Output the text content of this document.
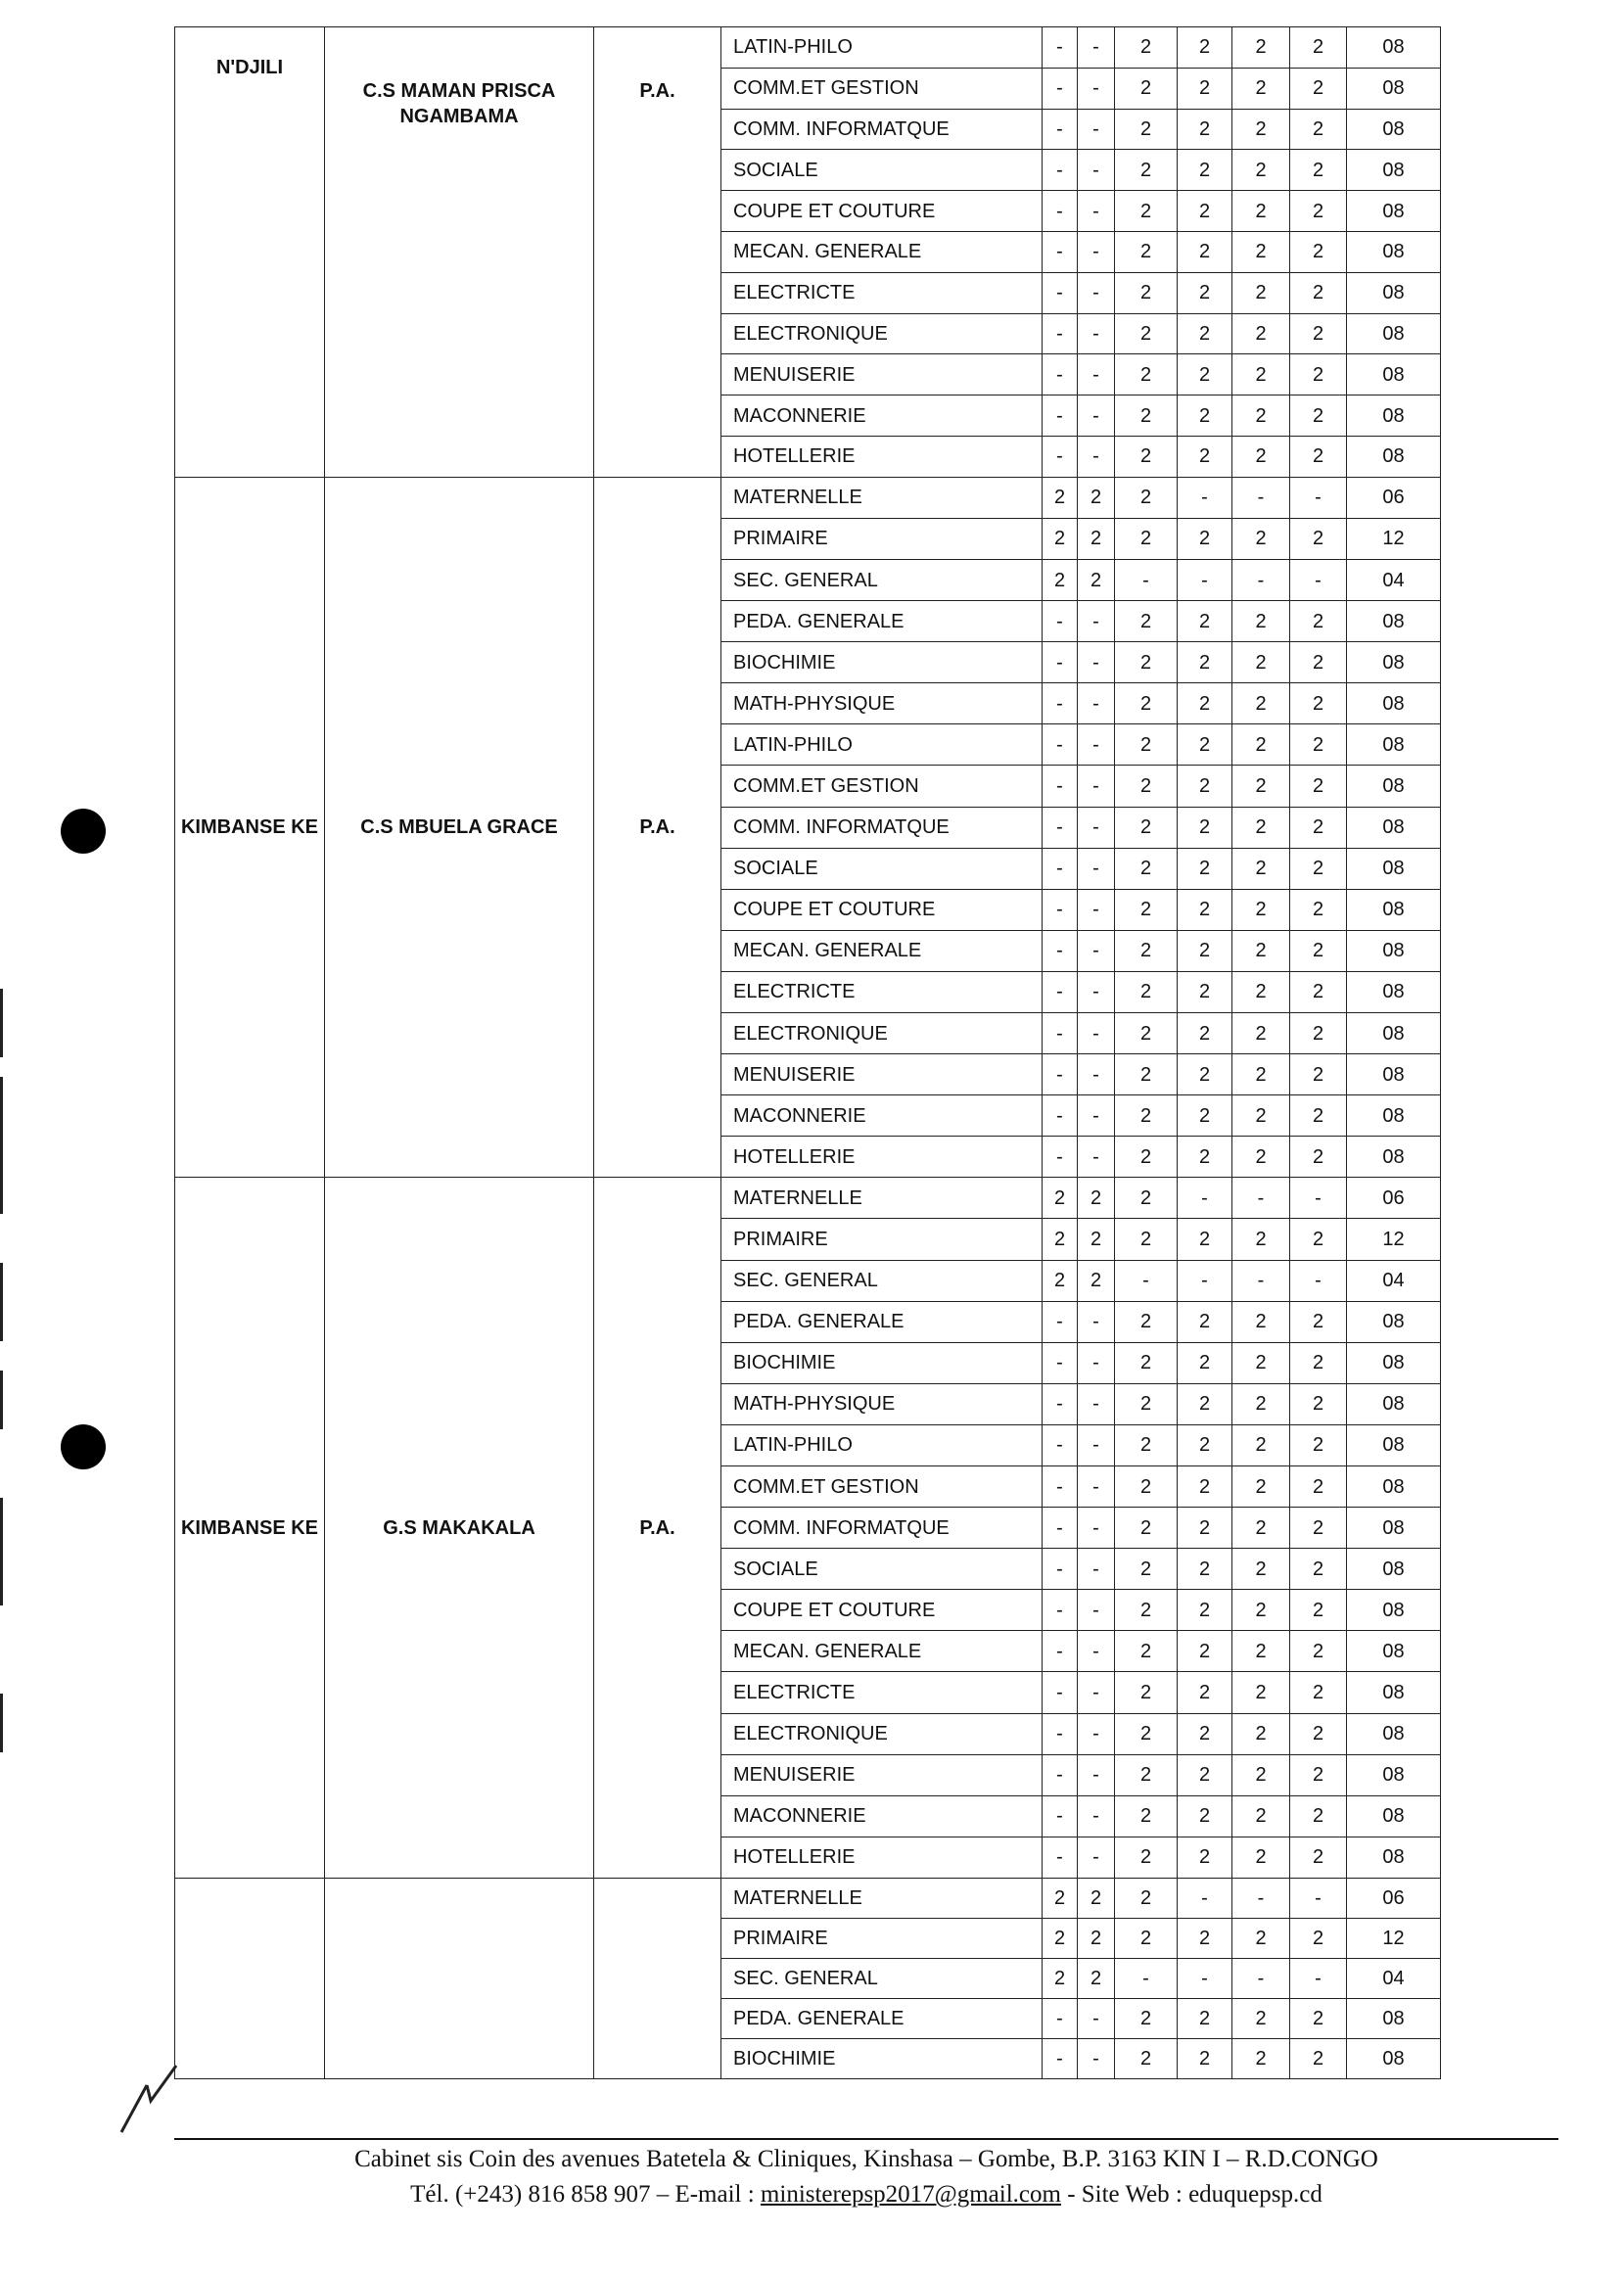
N'DJILI	C.S MAMAN PRISCA NGAMBAMA	P.A.	LATIN-PHILO	-	-	2	2	2	2	08
			COMM.ET GESTION	-	-	2	2	2	2	08
			COMM. INFORMATQUE	-	-	2	2	2	2	08
			SOCIALE	-	-	2	2	2	2	08
			COUPE ET COUTURE	-	-	2	2	2	2	08
			MECAN. GENERALE	-	-	2	2	2	2	08
			ELECTRICTE	-	-	2	2	2	2	08
			ELECTRONIQUE	-	-	2	2	2	2	08
			MENUISERIE	-	-	2	2	2	2	08
			MACONNERIE	-	-	2	2	2	2	08
			HOTELLERIE	-	-	2	2	2	2	08
KIMBANSE KE	C.S MBUELA GRACE	P.A.	MATERNELLE	2	2	2	-	-	-	06
			PRIMAIRE	2	2	2	2	2	2	12
			SEC. GENERAL	2	2	-	-	-	-	04
			PEDA. GENERALE	-	-	2	2	2	2	08
			BIOCHIMIE	-	-	2	2	2	2	08
			MATH-PHYSIQUE	-	-	2	2	2	2	08
			LATIN-PHILO	-	-	2	2	2	2	08
			COMM.ET GESTION	-	-	2	2	2	2	08
			COMM. INFORMATQUE	-	-	2	2	2	2	08
			SOCIALE	-	-	2	2	2	2	08
			COUPE ET COUTURE	-	-	2	2	2	2	08
			MECAN. GENERALE	-	-	2	2	2	2	08
			ELECTRICTE	-	-	2	2	2	2	08
			ELECTRONIQUE	-	-	2	2	2	2	08
			MENUISERIE	-	-	2	2	2	2	08
			MACONNERIE	-	-	2	2	2	2	08
			HOTELLERIE	-	-	2	2	2	2	08
KIMBANSE KE	G.S MAKAKALA	P.A.	MATERNELLE	2	2	2	-	-	-	06
			PRIMAIRE	2	2	2	2	2	2	12
			SEC. GENERAL	2	2	-	-	-	-	04
			PEDA. GENERALE	-	-	2	2	2	2	08
			BIOCHIMIE	-	-	2	2	2	2	08
			MATH-PHYSIQUE	-	-	2	2	2	2	08
			LATIN-PHILO	-	-	2	2	2	2	08
			COMM.ET GESTION	-	-	2	2	2	2	08
			COMM. INFORMATQUE	-	-	2	2	2	2	08
			SOCIALE	-	-	2	2	2	2	08
			COUPE ET COUTURE	-	-	2	2	2	2	08
			MECAN. GENERALE	-	-	2	2	2	2	08
			ELECTRICTE	-	-	2	2	2	2	08
			ELECTRONIQUE	-	-	2	2	2	2	08
			MENUISERIE	-	-	2	2	2	2	08
			MACONNERIE	-	-	2	2	2	2	08
			HOTELLERIE	-	-	2	2	2	2	08
			MATERNELLE	2	2	2	-	-	-	06
			PRIMAIRE	2	2	2	2	2	2	12
			SEC. GENERAL	2	2	-	-	-	-	04
			PEDA. GENERALE	-	-	2	2	2	2	08
			BIOCHIMIE	-	-	2	2	2	2	08
Cabinet sis Coin des avenues Batetela & Cliniques, Kinshasa – Gombe, B.P. 3163 KIN I – R.D.CONGO
Tél. (+243) 816 858 907 – E-mail : ministerepsp2017@gmail.com - Site Web : eduquepsp.cd
